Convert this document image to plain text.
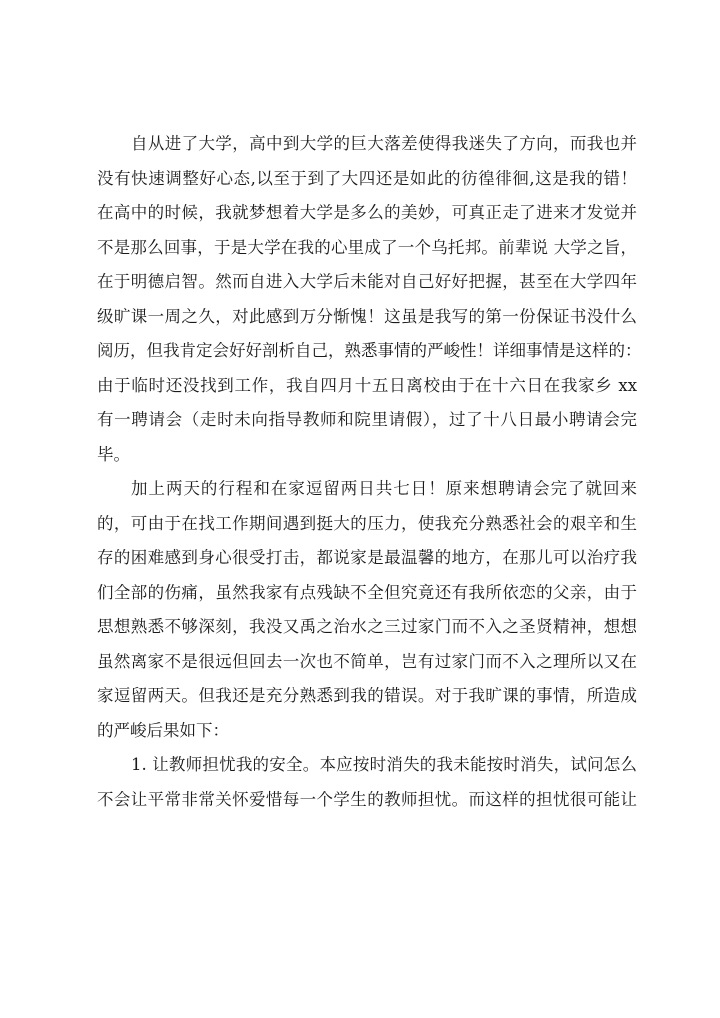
自从进了大学，高中到大学的巨大落差使得我迷失了方向，而我也并
没有快速调整好心态,以至于到了大四还是如此的彷徨徘徊,这是我的错！
在高中的时候，我就梦想着大学是多么的美妙，可真正走了进来才发觉并
不是那么回事，于是大学在我的心里成了一个乌托邦。前辈说 大学之旨，
在于明德启智。然而自进入大学后未能对自己好好把握，甚至在大学四年
级旷课一周之久，对此感到万分惭愧！这虽是我写的第一份保证书没什么
阅历，但我肯定会好好剖析自己，熟悉事情的严峻性！详细事情是这样的：
由于临时还没找到工作，我自四月十五日离校由于在十六日在我家乡 xx
有一聘请会（走时未向指导教师和院里请假），过了十八日最小聘请会完
毕。
加上两天的行程和在家逗留两日共七日！原来想聘请会完了就回来
的，可由于在找工作期间遇到挺大的压力，使我充分熟悉社会的艰辛和生
存的困难感到身心很受打击，都说家是最温馨的地方，在那儿可以治疗我
们全部的伤痛，虽然我家有点残缺不全但究竟还有我所依恋的父亲，由于
思想熟悉不够深刻，我没又禹之治水之三过家门而不入之圣贤精神，想想
虽然离家不是很远但回去一次也不简单，岂有过家门而不入之理所以又在
家逗留两天。但我还是充分熟悉到我的错误。对于我旷课的事情，所造成
的严峻后果如下：
1. 让教师担忧我的安全。本应按时消失的我未能按时消失，试问怎么
不会让平常非常关怀爱惜每一个学生的教师担忧。而这样的担忧很可能让
